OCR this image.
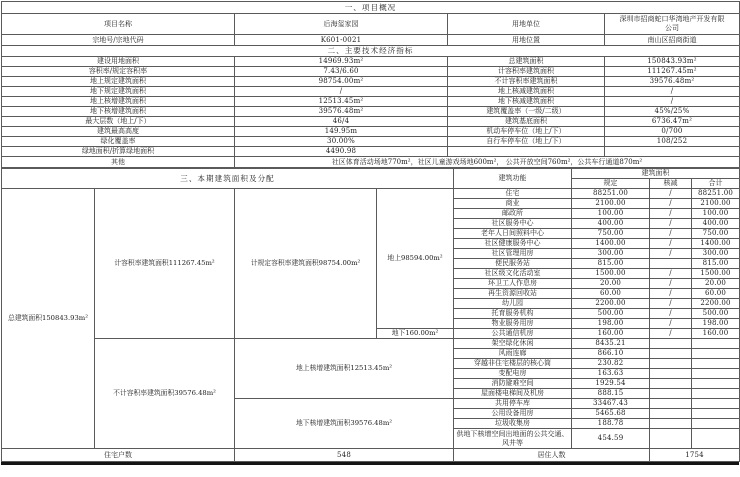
一、项目概况			
项目名称	后海玺家园	用地单位	深圳市招商蛇口华湾地产开发有限公司
宗地号/宗地代码	K601-0021	用地位置	南山区招商街道
二、主要技术经济指标			
建设用地面积	14969.93m²	总建筑面积	150843.93m²
容积率/规定容积率	7.43/6.60	计容积率建筑面积	111267.45m²
地上规定建筑面积	98754.00m²	不计容积率建筑面积	39576.48m²
地下规定建筑面积	/	地上核减建筑面积	/
地上核增建筑面积	12513.45m²	地下核减建筑面积	/
地下核增建筑面积	39576.48m²	建筑覆盖率（一级/二级）	45%/25%
最大层数（地上/下）	46/4	建筑基底面积	6736.47m²
建筑最高高度	149.95m	机动车停车位（地上/下）	0/700
绿化覆盖率	30.00%	自行车停车位（地上/下）	108/252
绿地面积/折算绿地面积	4490.98		
其他	社区体育活动场地770m²，社区儿童游戏场地600m²， 公共开放空间760m²，公共车行通道870m²		
三、本期建筑面积及分配				建筑功能	建筑面积		
					规定	核减	合计
总建筑面积150843.93m²	计容积率建筑面积111267.45m²	计规定容积率建筑面积98754.00m²	地上98594.00m²	住宅	88251.00	/	88251.00
				商业	2100.00	/	2100.00
				邮政所	100.00	/	100.00
				社区服务中心	400.00	/	400.00
				老年人日间照料中心	750.00	/	750.00
				社区健康服务中心	1400.00	/	1400.00
				社区管理用房	300.00	/	300.00
				便民服务站	815.00		815.00
				社区级文化活动室	1500.00	/	1500.00
				环卫工人作息房	20.00	/	20.00
				再生资源回收站	60.00	/	60.00
				幼儿园	2200.00	/	2200.00
				托育服务机构	500.00	/	500.00
				物业服务用房	198.00	/	198.00
			地下160.00m²	公共通信机房	160.00	/	160.00
	不计容积率建筑面积39576.48m²	地上核增建筑面积12513.45m²		架空绿化休闲	8435.21		
				风雨连廊	866.10		
				穿越非住宅楼层的核心筒	230.82		
				变配电房	163.63		
				消防避难空间	1929.54		
				屋面楼电梯间及机房	888.15		
		地下核增建筑面积39576.48m²		共用停车库	33467.43		
				公用设备用房	5465.68		
				垃圾收集房	188.78		
				供地下核增空间出地面的公共交通、风井等	454.59		
住宅户数		548		居住人数		1754	
